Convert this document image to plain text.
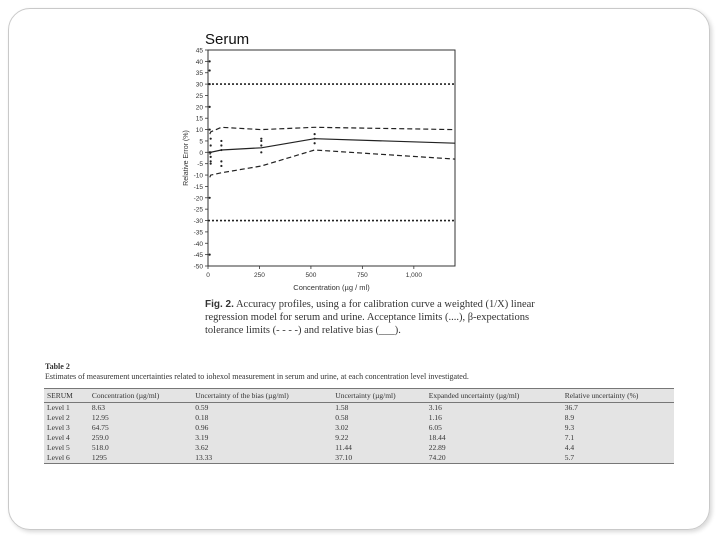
Serum
45
40
35
30
25
20
15
10
5
0
-5
-10
-15
-20
-25
-30
-35
-40
-45
-50
0	250	500	750	1,000
Relative Error (%)
Concentration (µg / ml)
Fig. 2. Accuracy profiles, using a for calibration curve a weighted (1/X) linear regression model for serum and urine. Acceptance limits (....), β-expectations tolerance limits (- - - -) and relative bias (___).
Table 2
Estimates of measurement uncertainties related to iohexol measurement in serum and urine, at each concentration level investigated.
SERUM	Concentration (µg/ml)	Uncertainty of the bias (µg/ml)	Uncertainty (µg/ml)	Expanded uncertainty (µg/ml)	Relative uncertainty (%)
Level 1	8.63	0.59	1.58	3.16	36.7
Level 2	12.95	0.18	0.58	1.16	8.9
Level 3	64.75	0.96	3.02	6.05	9.3
Level 4	259.0	3.19	9.22	18.44	7.1
Level 5	518.0	3.62	11.44	22.89	4.4
Level 6	1295	13.33	37.10	74.20	5.7
